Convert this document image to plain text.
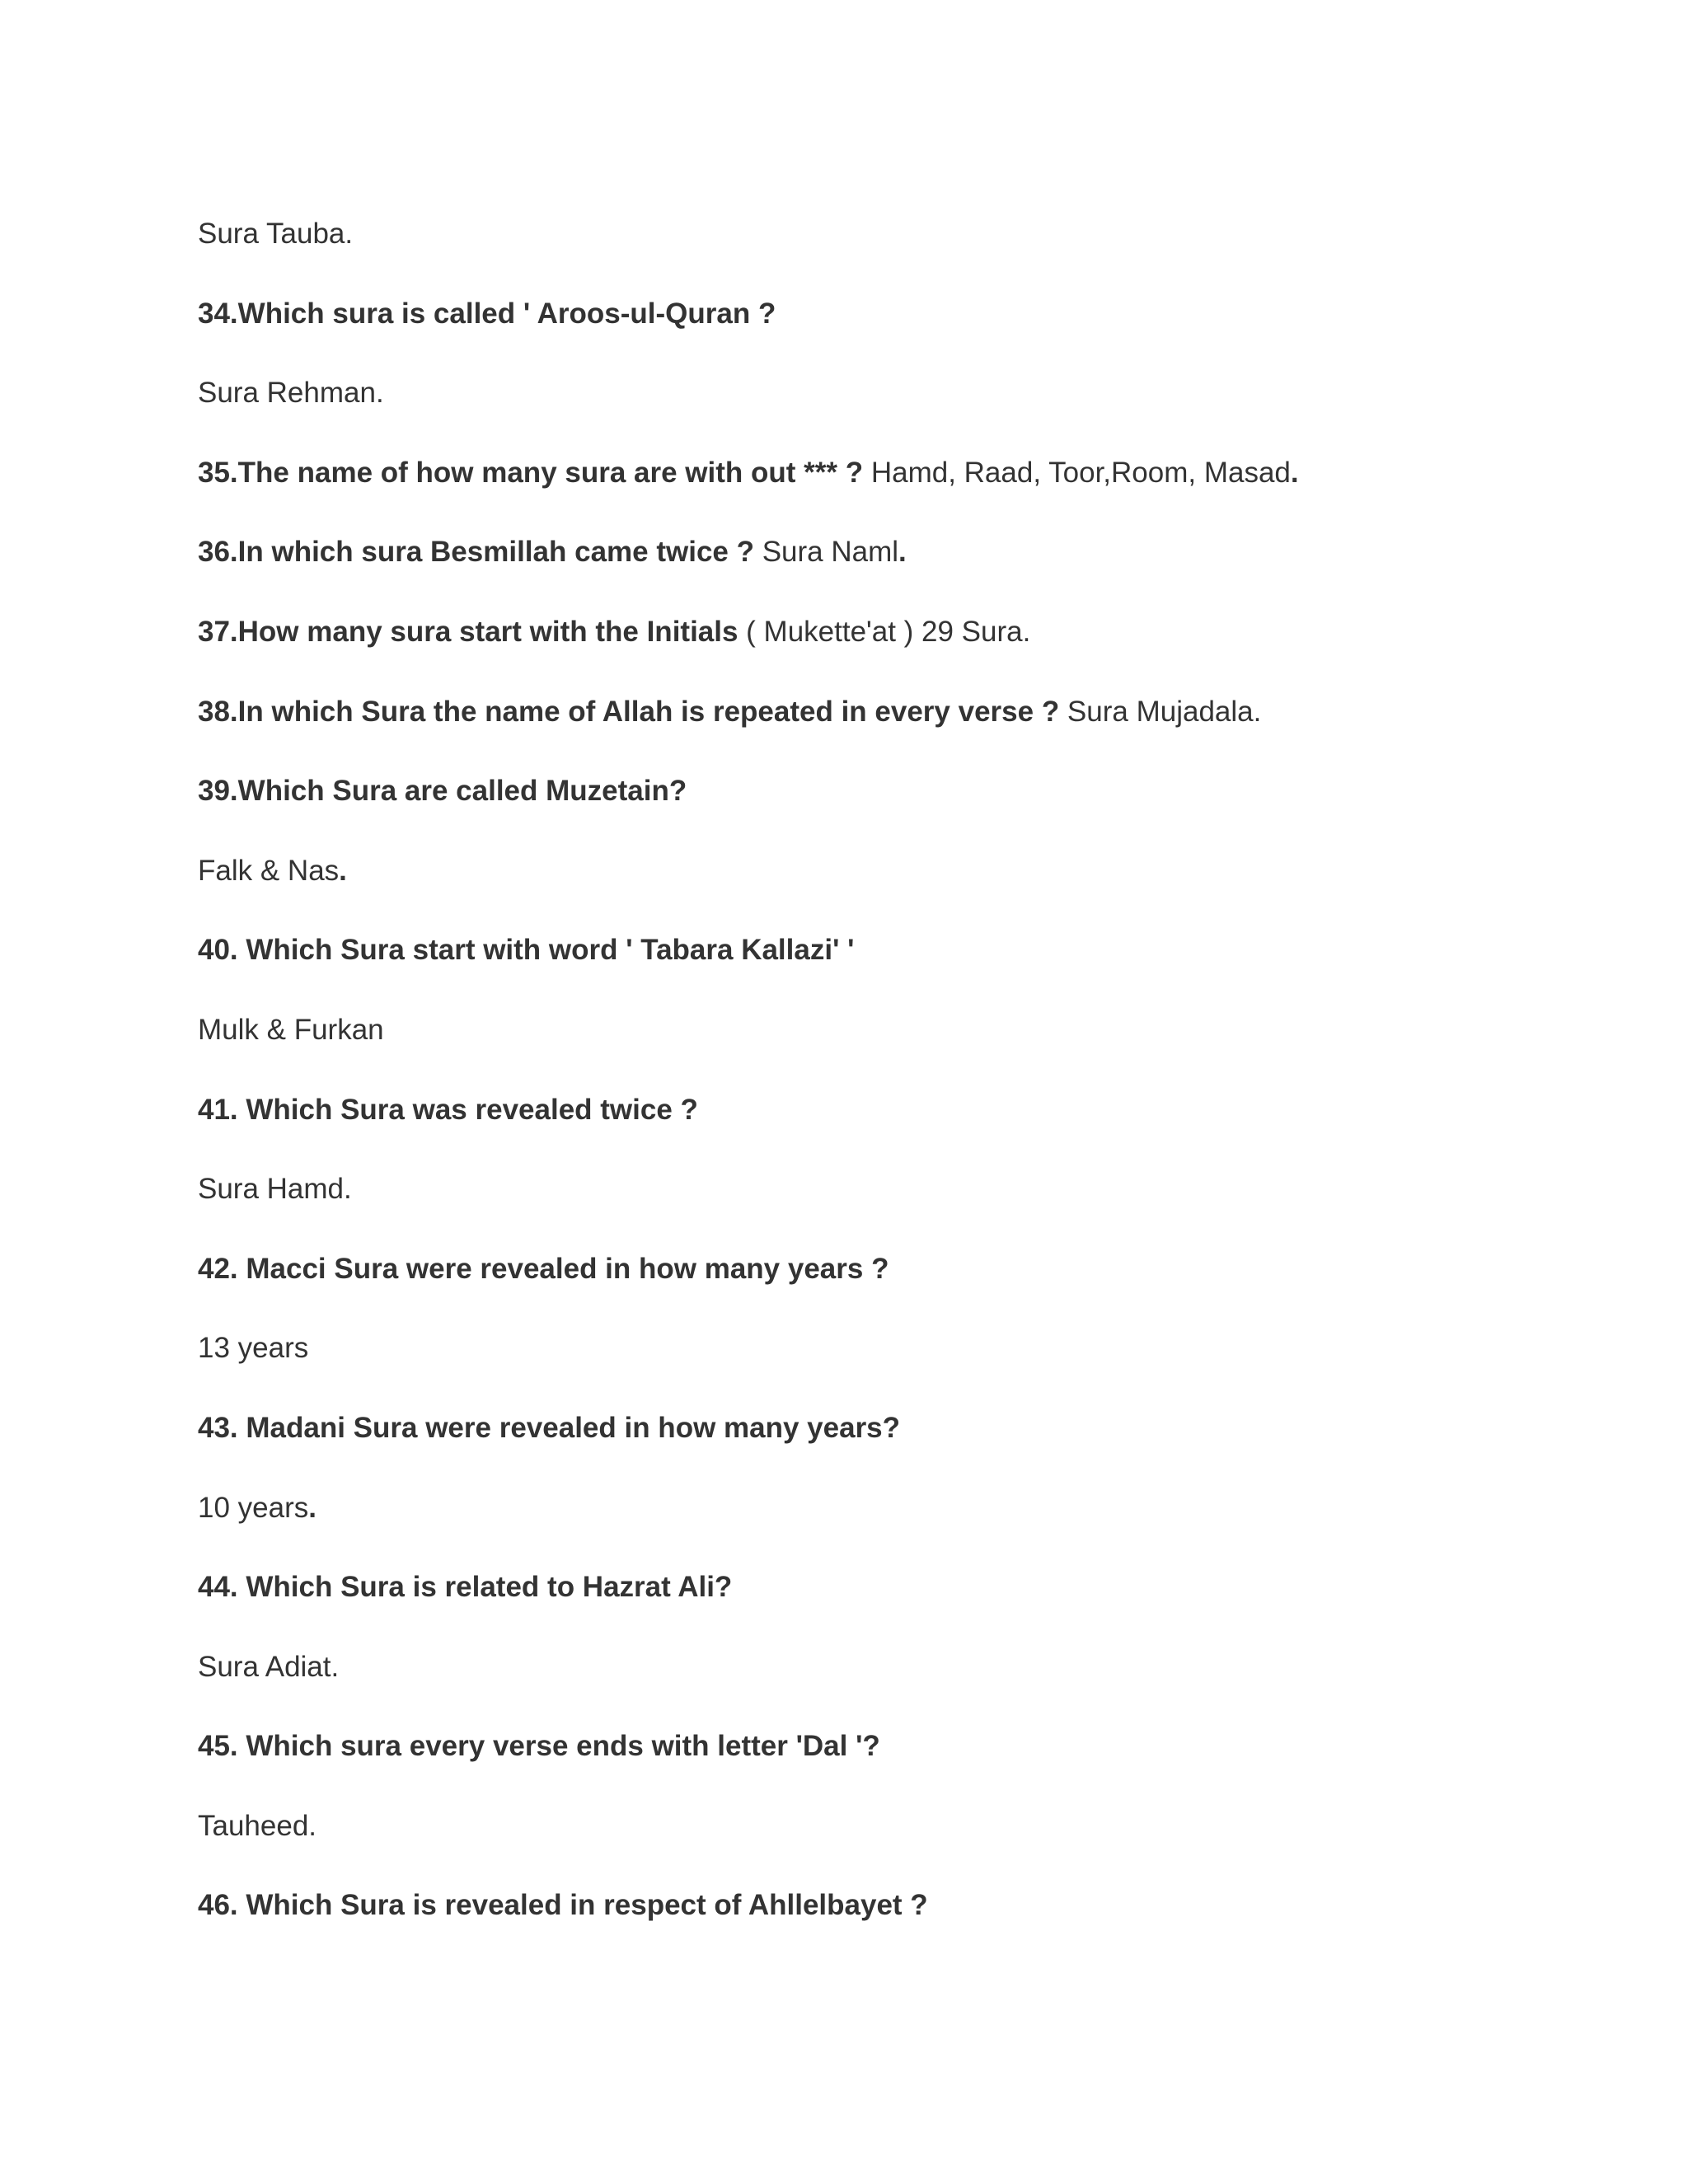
Sura Tauba.
34.Which sura is called ' Aroos-ul-Quran ?
Sura Rehman.
35.The name of how many sura are with out *** ? Hamd, Raad, Toor,Room, Masad.
36.In which sura Besmillah came twice ? Sura Naml.
37.How many sura start with the Initials ( Mukette'at ) 29 Sura.
38.In which Sura the name of Allah is repeated in every verse ? Sura Mujadala.
39.Which Sura are called Muzetain?
Falk & Nas.
40. Which Sura start with word ' Tabara Kallazi' '
Mulk & Furkan
41. Which Sura was revealed twice ?
Sura Hamd.
42. Macci Sura were revealed in how many years ?
13 years
43. Madani Sura were revealed in how many years?
10 years.
44. Which Sura is related to Hazrat Ali?
Sura Adiat.
45. Which sura every verse ends with letter 'Dal '?
Tauheed.
46. Which Sura is revealed in respect of Ahllelbayet ?
